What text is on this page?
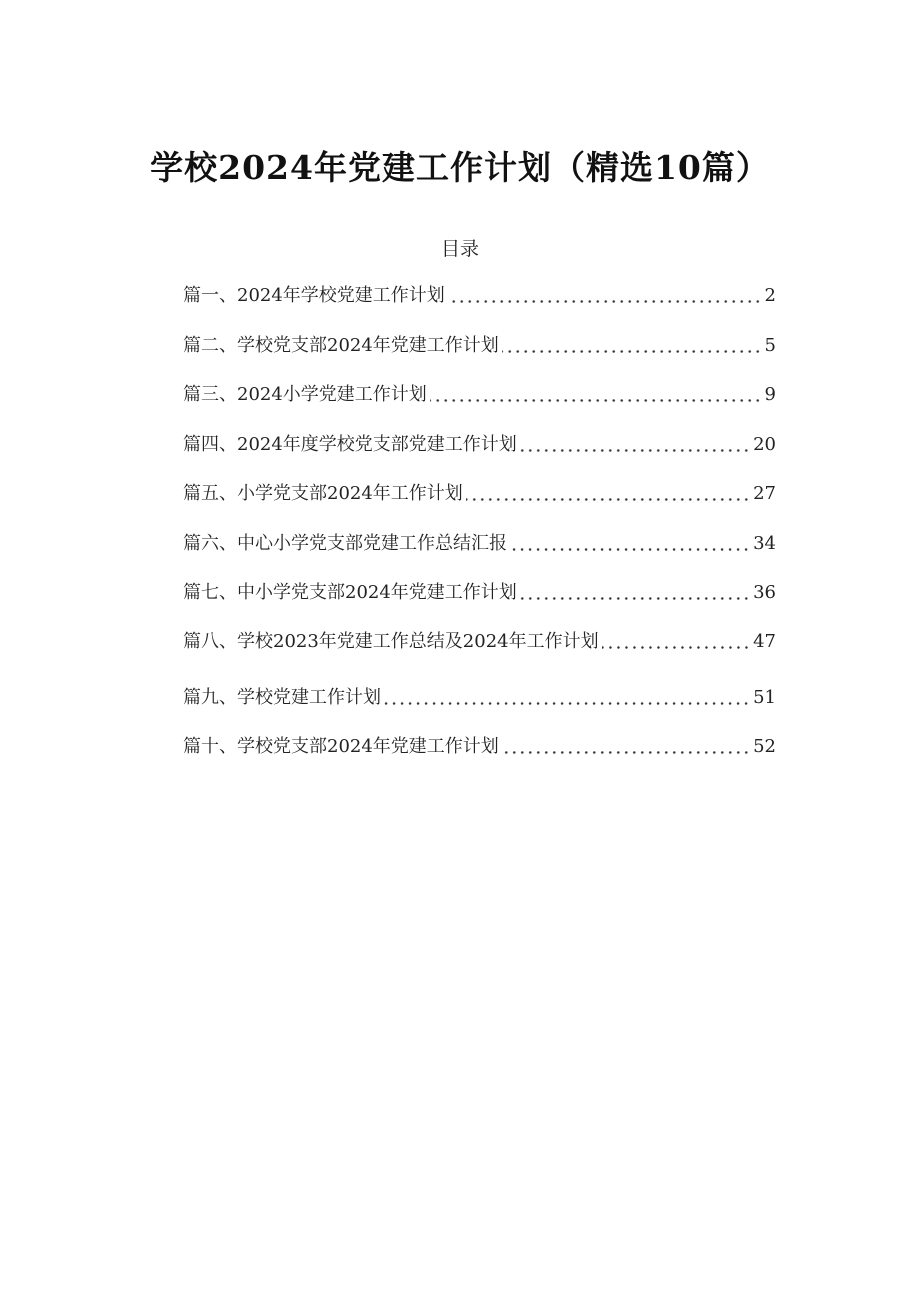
学校2024年党建工作计划（精选10篇）
目录
篇一、2024年学校党建工作计划	2
篇二、学校党支部2024年党建工作计划	5
篇三、2024小学党建工作计划	9
篇四、2024年度学校党支部党建工作计划	20
篇五、小学党支部2024年工作计划	27
篇六、中心小学党支部党建工作总结汇报	34
篇七、中小学党支部2024年党建工作计划	36
篇八、学校2023年党建工作总结及2024年工作计划	47
篇九、学校党建工作计划	51
篇十、学校党支部2024年党建工作计划	52
